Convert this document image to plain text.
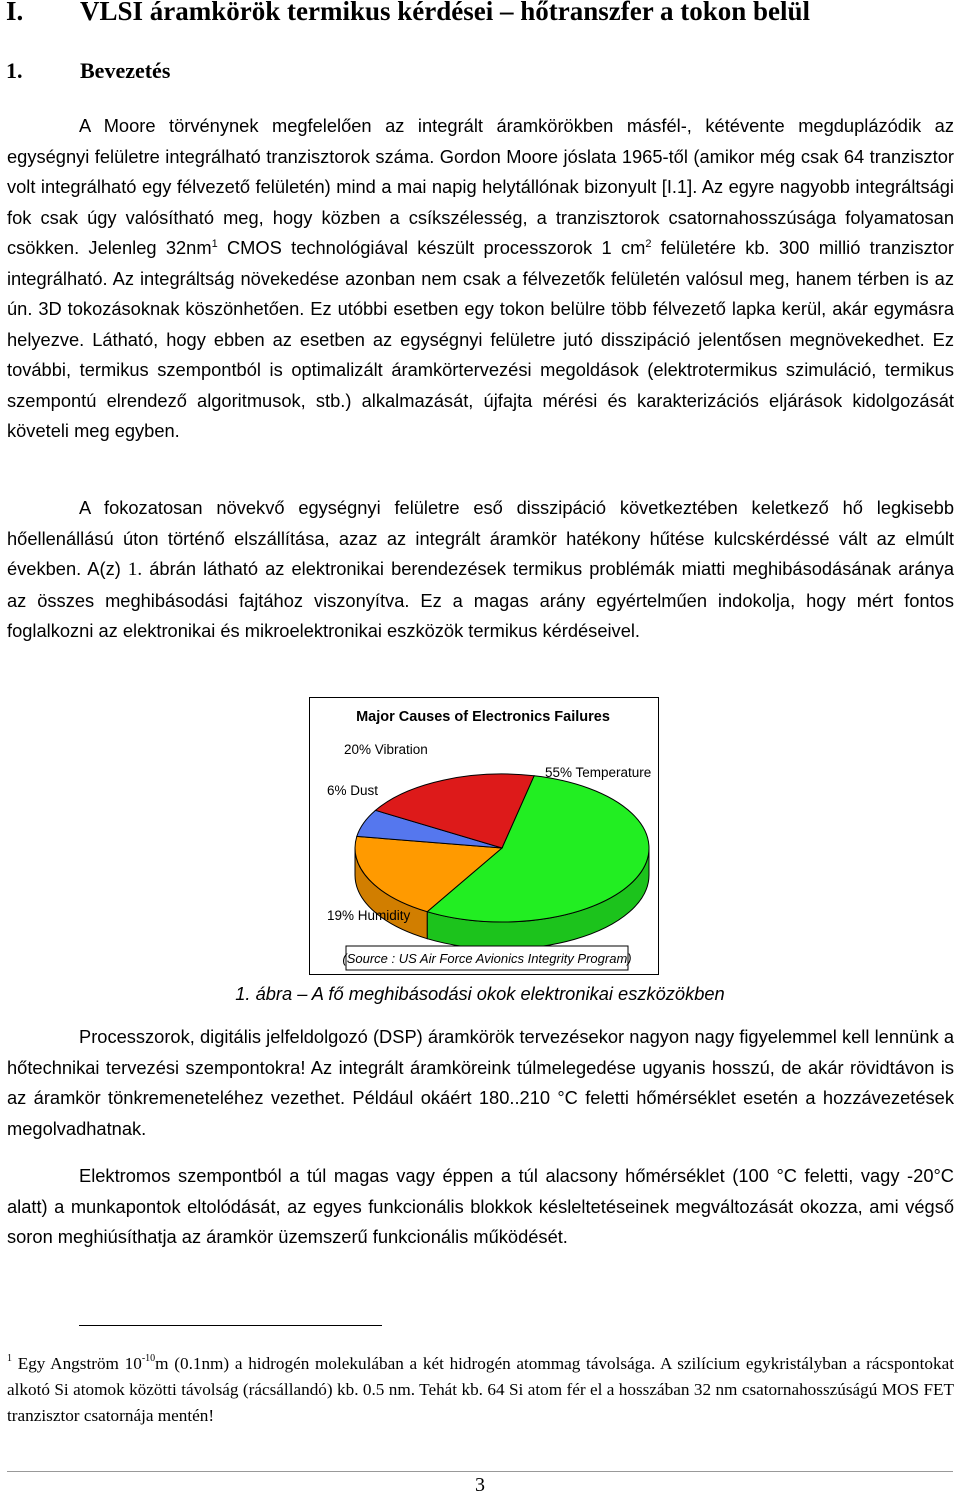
I. VLSI áramkörök termikus kérdései – hőtranszfer a tokon belül
1.	Bevezetés
A Moore törvénynek megfelelően az integrált áramkörökben másfél-, kétévente megduplázódik az egységnyi felületre integrálható tranzisztorok száma. Gordon Moore jóslata 1965-től (amikor még csak 64 tranzisztor volt integrálható egy félvezető felületén) mind a mai napig helytállónak bizonyult [I.1]. Az egyre nagyobb integráltsági fok csak úgy valósítható meg, hogy közben a csíkszélesség, a tranzisztorok csatornahosszúsága folyamatosan csökken. Jelenleg $32nm^1$ CMOS technológiával készült processzorok 1 $cm^2$ felületére kb. 300 millió tranzisztor integrálható. Az integráltság növekedése azonban nem csak a félvezetők felületén valósul meg, hanem térben is az ún. 3D tokozásoknak köszönhetően. Ez utóbbi esetben egy tokon belülre több félvezető lapka kerül, akár egymásra helyezve. Látható, hogy ebben az esetben az egységnyi felületre jutó disszipáció jelentősen megnövekedhet. Ez további, termikus szempontból is optimalizált áramkörtervezési megoldások (elektrotermikus szimuláció, termikus szempontú elrendező algoritmusok, stb.) alkalmazását, újfajta mérési és karakterizációs eljárások kidolgozását követeli meg egyben.
A fokozatosan növekvő egységnyi felületre eső disszipáció következtében keletkező hő legkisebb hőellenállású úton történő elszállítása, azaz az integrált áramkör hatékony hűtése kulcskérdéssé vált az elmúlt években. A(z) 1. ábrán látható az elektronikai berendezések termikus problémák miatti meghibásodásának aránya az összes meghibásodási fajtához viszonyítva. Ez a magas arány egyértelműen indokolja, hogy mért fontos foglalkozni az elektronikai és mikroelektronikai eszközök termikus kérdéseivel.
Major Causes of Electronics Failures
55% Temperature
20% Vibration
6% Dust
19% Humidity
(Source : US Air Force Avionics Integrity Program)
1. ábra – A fő meghibásodási okok elektronikai eszközökben
Processzorok, digitális jelfeldolgozó (DSP) áramkörök tervezésekor nagyon nagy figyelemmel kell lennünk a hőtechnikai tervezési szempontokra! Az integrált áramköreink túlmelegedése ugyanis hosszú, de akár rövidtávon is az áramkör tönkremeneteléhez vezethet. Például okáért 180..210 °C feletti hőmérséklet esetén a hozzávezetések megolvadhatnak.
Elektromos szempontból a túl magas vagy éppen a túl alacsony hőmérséklet (100 °C feletti, vagy -20°C alatt) a munkapontok eltolódását, az egyes funkcionális blokkok késleltetéseinek megváltozását okozza, ami végső soron meghiúsíthatja az áramkör üzemszerű funkcionális működését.
$^1$ Egy Angström $10^{-10}m$ (0.1nm) a hidrogén molekulában a két hidrogén atommag távolsága. A szilícium egykristályban a rácspontokat alkotó Si atomok közötti távolság (rácsállandó) kb. 0.5 nm. Tehát kb. 64 Si atom fér el a hosszában 32 nm csatornahosszúságú MOS FET tranzisztor csatornája mentén!
3
